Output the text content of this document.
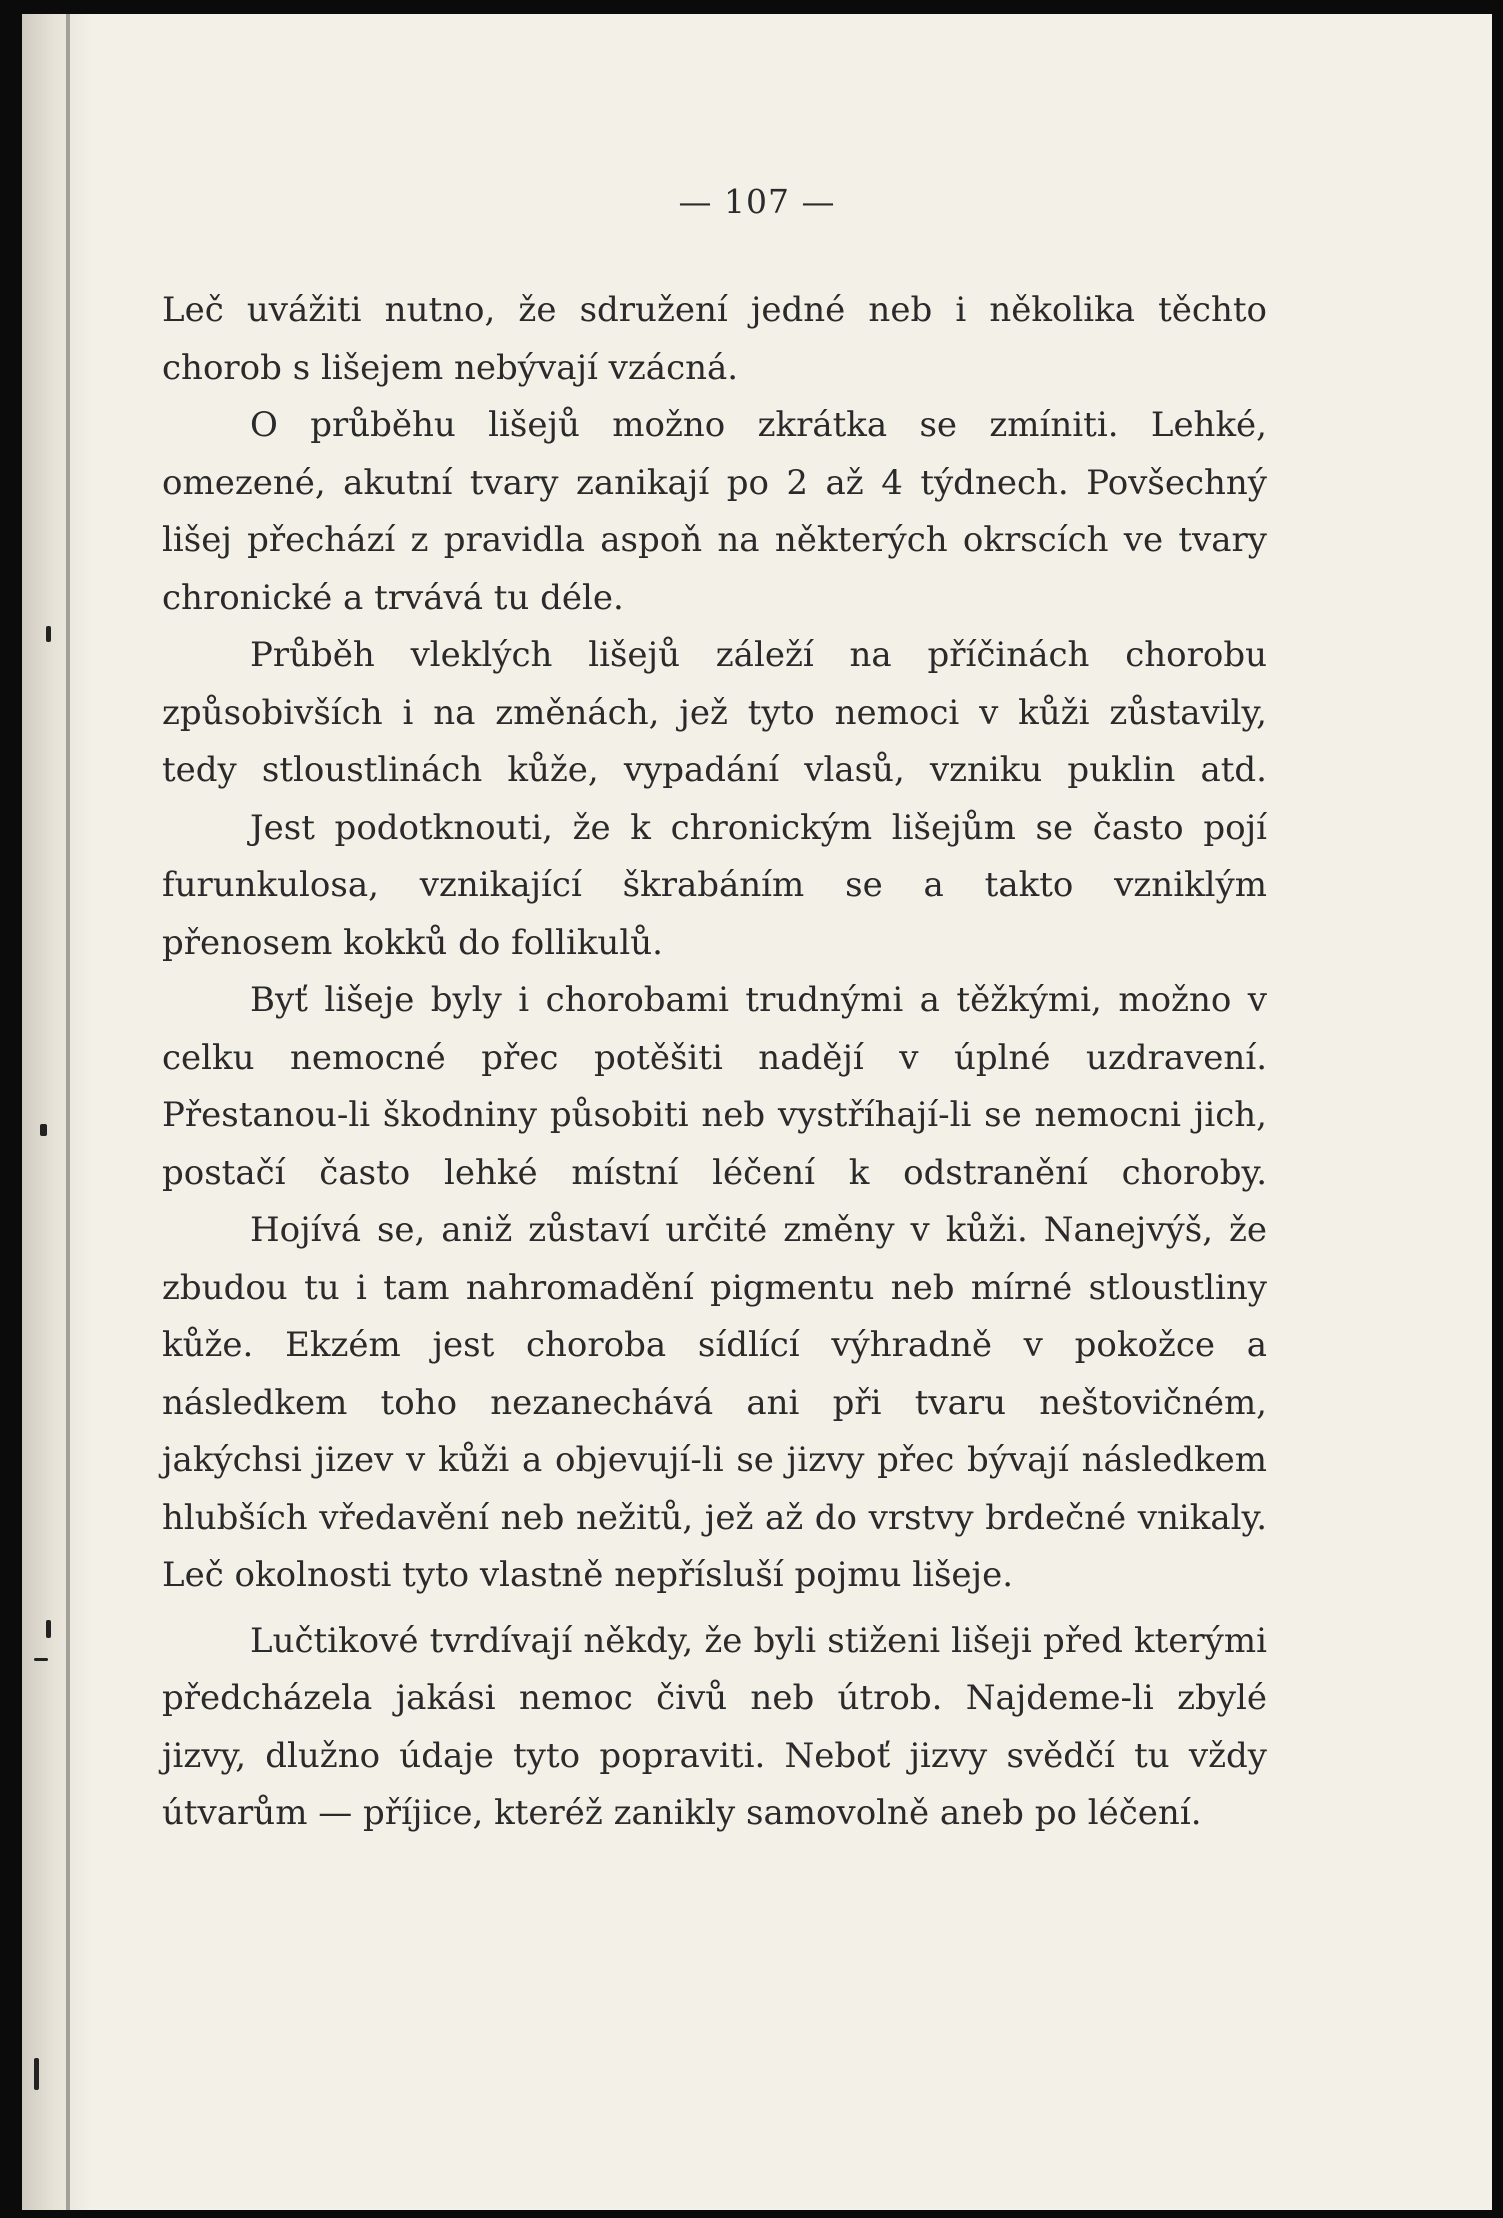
— 107 —

Leč uvážiti nutno, že sdružení jedné neb i několika těchto chorob s lišejem nebývají vzácná.

O průběhu lišejů možno zkrátka se zmíniti. Lehké, omezené, akutní tvary zanikají po 2 až 4 týdnech. Povšechný lišej přechází z pravidla aspoň na některých okrscích ve tvary chronické a trvává tu déle.

Průběh vleklých lišejů záleží na příčinách chorobu způsobivších i na změnách, jež tyto nemoci v kůži zůstavily, tedy stloustlinách kůže, vypadání vlasů, vzniku puklin atd.

Jest podotknouti, že k chronickým lišejům se často pojí furunkulosa, vznikající škrabáním se a takto vzniklým přenosem kokků do follikulů.

Byť lišeje byly i chorobami trudnými a těžkými, možno v celku nemocné přec potěšiti nadějí v úplné uzdravení. Přestanou-li škodniny působiti neb vystříhají-li se nemocni jich, postačí často lehké místní léčení k odstranění choroby.

Hojívá se, aniž zůstaví určité změny v kůži. Nanejvýš, že zbudou tu i tam nahromadění pigmentu neb mírné stloustliny kůže. Ekzém jest choroba sídlící výhradně v pokožce a následkem toho nezanechává ani při tvaru neštovičném, jakýchsi jizev v kůži a objevují-li se jizvy přec bývají následkem hlubších vředavění neb nežitů, jež až do vrstvy brdečné vnikaly. Leč okolnosti tyto vlastně nepřísluší pojmu lišeje.

Lučtikové tvrdívají někdy, že byli stiženi lišeji před kterými předcházela jakási nemoc čivů neb útrob. Najdeme-li zbylé jizvy, dlužno údaje tyto popraviti. Neboť jizvy svědčí tu vždy útvarům — příjice, kteréž zanikly samovolně aneb po léčení.
